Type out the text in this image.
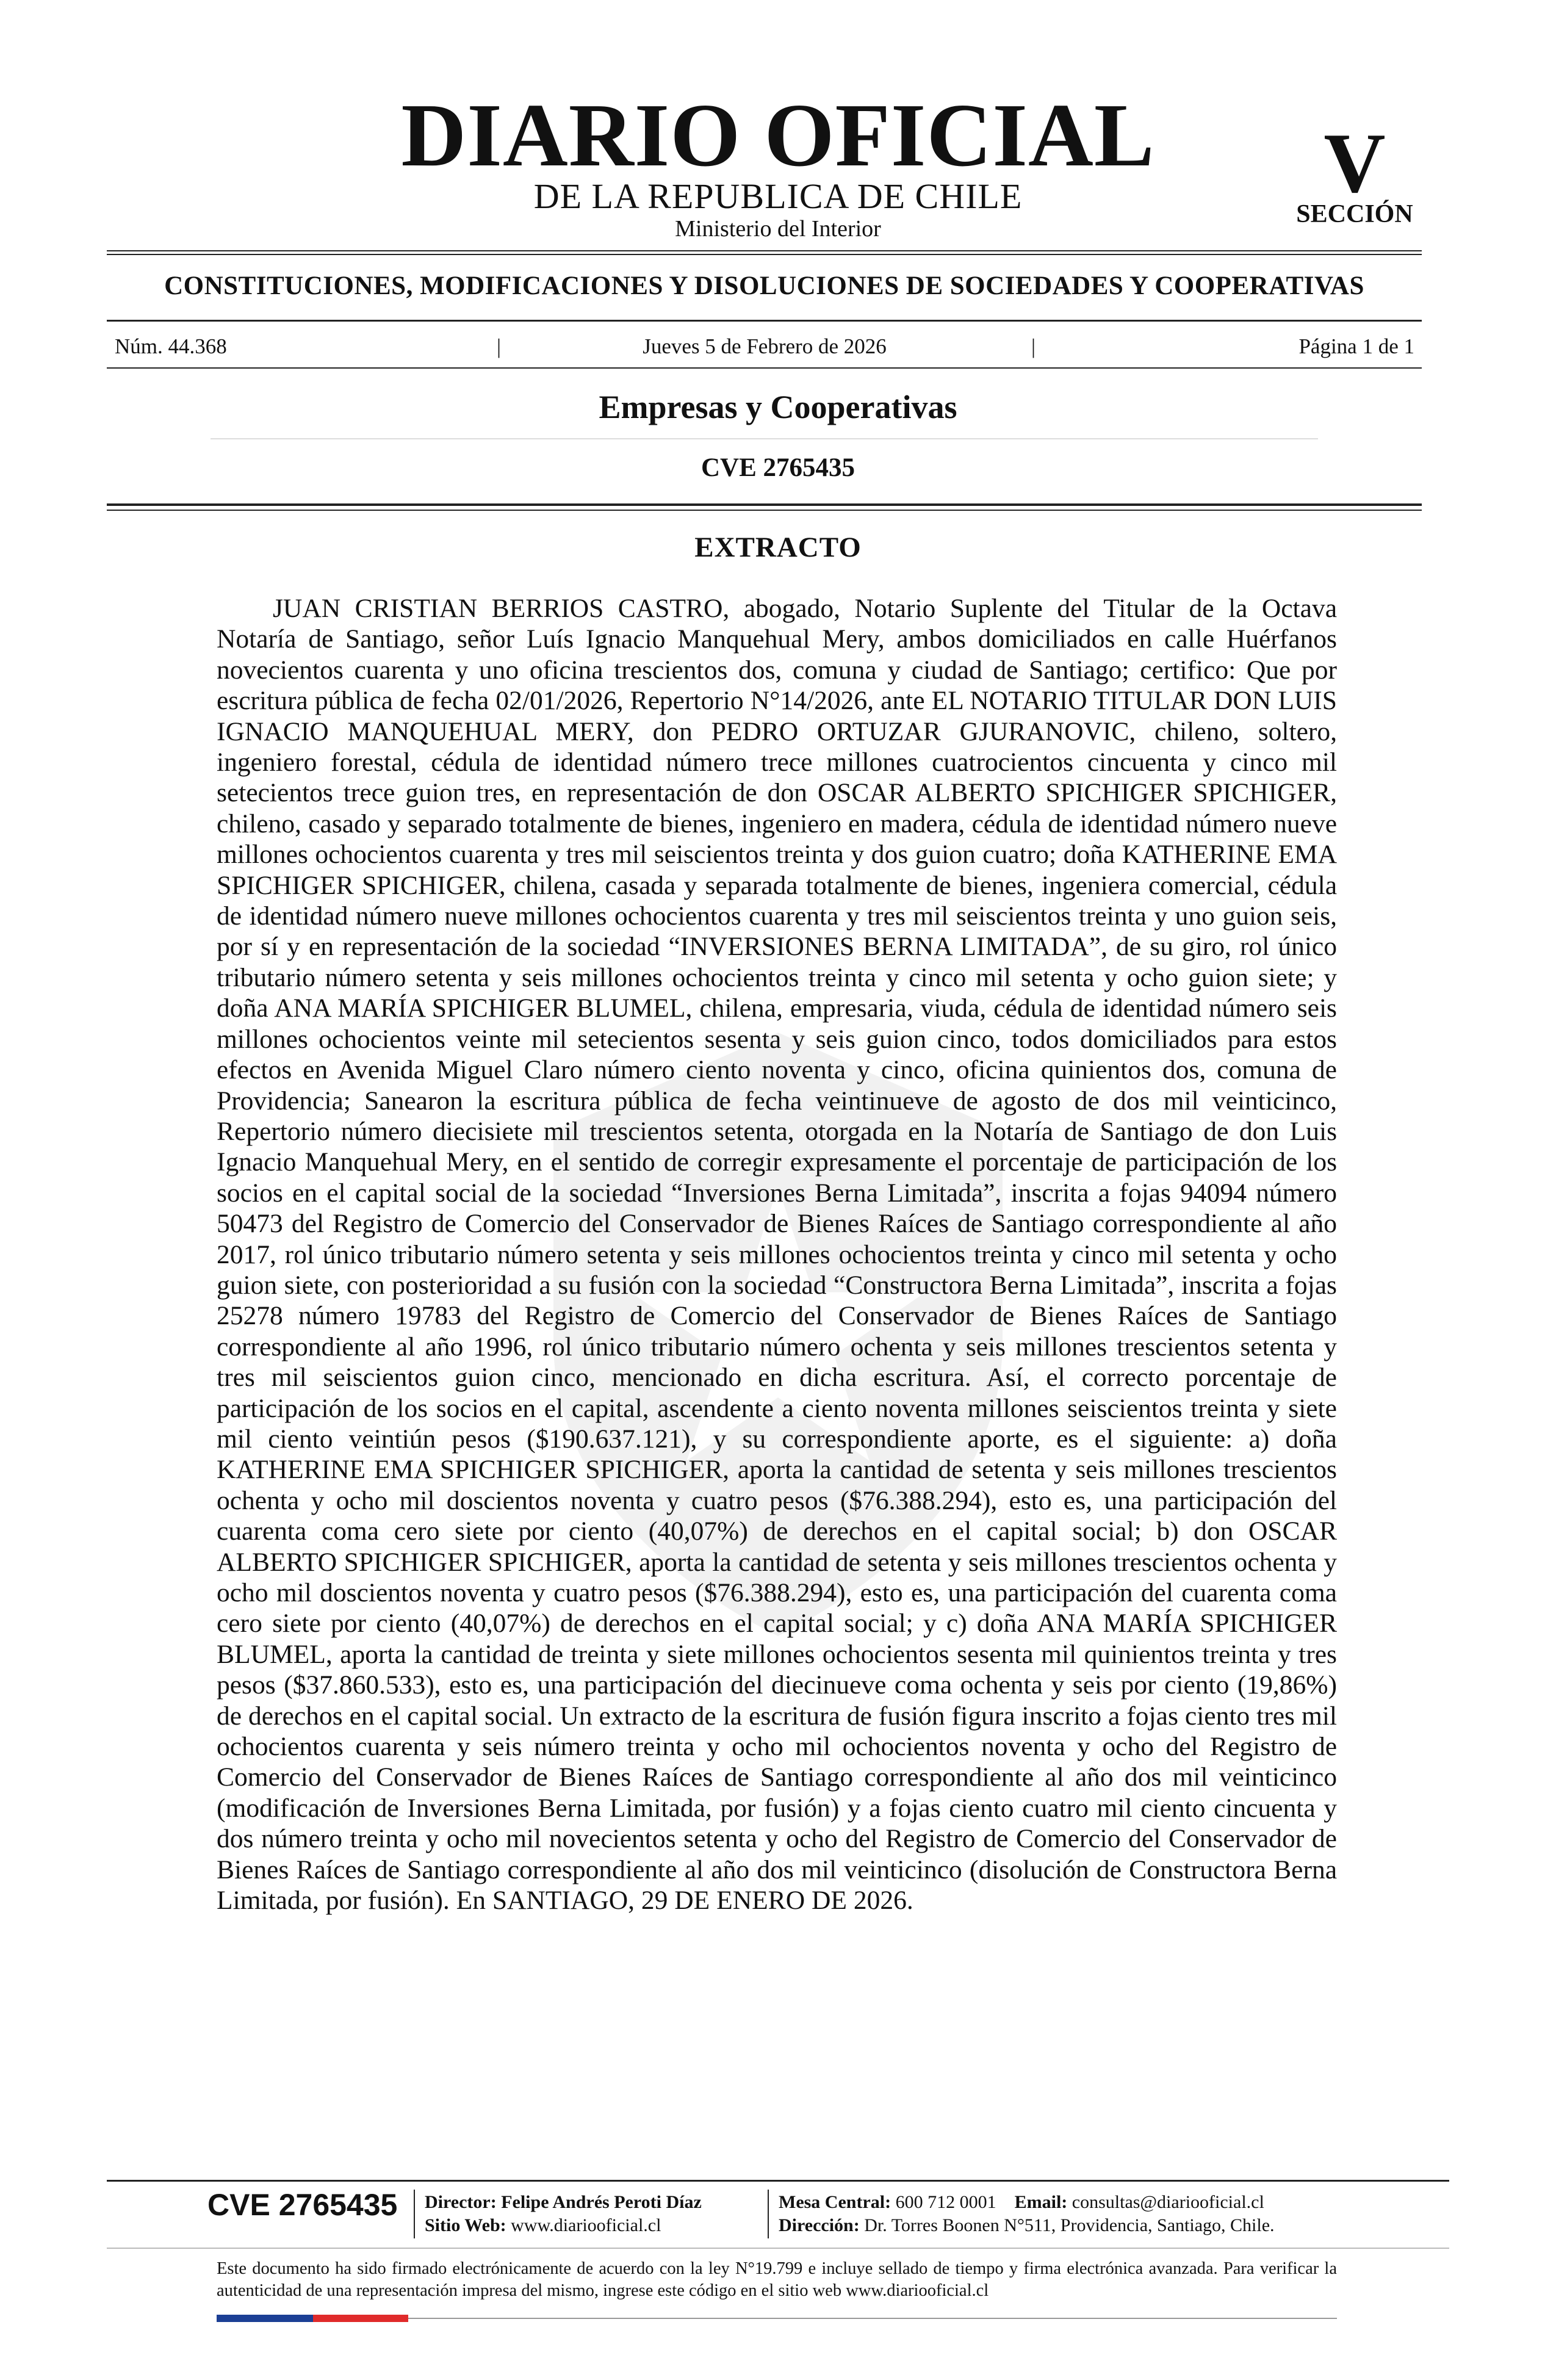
DIARIO OFICIAL
DE LA REPUBLICA DE CHILE
Ministerio del Interior
V
SECCIÓN
CONSTITUCIONES, MODIFICACIONES Y DISOLUCIONES DE SOCIEDADES Y COOPERATIVAS
Núm. 44.368	|	Jueves 5 de Febrero de 2026	|	Página 1 de 1
Empresas y Cooperativas
CVE 2765435
EXTRACTO

JUAN CRISTIAN BERRIOS CASTRO, abogado, Notario Suplente del Titular de la Octava Notaría de Santiago, señor Luís Ignacio Manquehual Mery, ambos domiciliados en calle Huérfanos novecientos cuarenta y uno oficina trescientos dos, comuna y ciudad de Santiago; certifico: Que por escritura pública de fecha 02/01/2026, Repertorio N°14/2026, ante EL NOTARIO TITULAR DON LUIS IGNACIO MANQUEHUAL MERY, don PEDRO ORTUZAR GJURANOVIC, chileno, soltero, ingeniero forestal, cédula de identidad número trece millones cuatrocientos cincuenta y cinco mil setecientos trece guion tres, en representación de don OSCAR ALBERTO SPICHIGER SPICHIGER, chileno, casado y separado totalmente de bienes, ingeniero en madera, cédula de identidad número nueve millones ochocientos cuarenta y tres mil seiscientos treinta y dos guion cuatro; doña KATHERINE EMA SPICHIGER SPICHIGER, chilena, casada y separada totalmente de bienes, ingeniera comercial, cédula de identidad número nueve millones ochocientos cuarenta y tres mil seiscientos treinta y uno guion seis, por sí y en representación de la sociedad “INVERSIONES BERNA LIMITADA”, de su giro, rol único tributario número setenta y seis millones ochocientos treinta y cinco mil setenta y ocho guion siete; y doña ANA MARÍA SPICHIGER BLUMEL, chilena, empresaria, viuda, cédula de identidad número seis millones ochocientos veinte mil setecientos sesenta y seis guion cinco, todos domiciliados para estos efectos en Avenida Miguel Claro número ciento noventa y cinco, oficina quinientos dos, comuna de Providencia; Sanearon la escritura pública de fecha veintinueve de agosto de dos mil veinticinco, Repertorio número diecisiete mil trescientos setenta, otorgada en la Notaría de Santiago de don Luis Ignacio Manquehual Mery, en el sentido de corregir expresamente el porcentaje de participación de los socios en el capital social de la sociedad “Inversiones Berna Limitada”, inscrita a fojas 94094 número 50473 del Registro de Comercio del Conservador de Bienes Raíces de Santiago correspondiente al año 2017, rol único tributario número setenta y seis millones ochocientos treinta y cinco mil setenta y ocho guion siete, con posterioridad a su fusión con la sociedad “Constructora Berna Limitada”, inscrita a fojas 25278 número 19783 del Registro de Comercio del Conservador de Bienes Raíces de Santiago correspondiente al año 1996, rol único tributario número ochenta y seis millones trescientos setenta y tres mil seiscientos guion cinco, mencionado en dicha escritura. Así, el correcto porcentaje de participación de los socios en el capital, ascendente a ciento noventa millones seiscientos treinta y siete mil ciento veintiún pesos ($190.637.121), y su correspondiente aporte, es el siguiente: a) doña KATHERINE EMA SPICHIGER SPICHIGER, aporta la cantidad de setenta y seis millones trescientos ochenta y ocho mil doscientos noventa y cuatro pesos ($76.388.294), esto es, una participación del cuarenta coma cero siete por ciento (40,07%) de derechos en el capital social; b) don OSCAR ALBERTO SPICHIGER SPICHIGER, aporta la cantidad de setenta y seis millones trescientos ochenta y ocho mil doscientos noventa y cuatro pesos ($76.388.294), esto es, una participación del cuarenta coma cero siete por ciento (40,07%) de derechos en el capital social; y c) doña ANA MARÍA SPICHIGER BLUMEL, aporta la cantidad de treinta y siete millones ochocientos sesenta mil quinientos treinta y tres pesos ($37.860.533), esto es, una participación del diecinueve coma ochenta y seis por ciento (19,86%) de derechos en el capital social. Un extracto de la escritura de fusión figura inscrito a fojas ciento tres mil ochocientos cuarenta y seis número treinta y ocho mil ochocientos noventa y ocho del Registro de Comercio del Conservador de Bienes Raíces de Santiago correspondiente al año dos mil veinticinco (modificación de Inversiones Berna Limitada, por fusión) y a fojas ciento cuatro mil ciento cincuenta y dos número treinta y ocho mil novecientos setenta y ocho del Registro de Comercio del Conservador de Bienes Raíces de Santiago correspondiente al año dos mil veinticinco (disolución de Constructora Berna Limitada, por fusión). En SANTIAGO, 29 DE ENERO DE 2026.

CVE 2765435	Director: Felipe Andrés Peroti Díaz
Sitio Web: www.diariooficial.cl
Mesa Central: 600 712 0001 Email: consultas@diariooficial.cl
Dirección: Dr. Torres Boonen N°511, Providencia, Santiago, Chile.

Este documento ha sido firmado electrónicamente de acuerdo con la ley N°19.799 e incluye sellado de tiempo y firma electrónica avanzada. Para verificar la autenticidad de una representación impresa del mismo, ingrese este código en el sitio web www.diariooficial.cl
